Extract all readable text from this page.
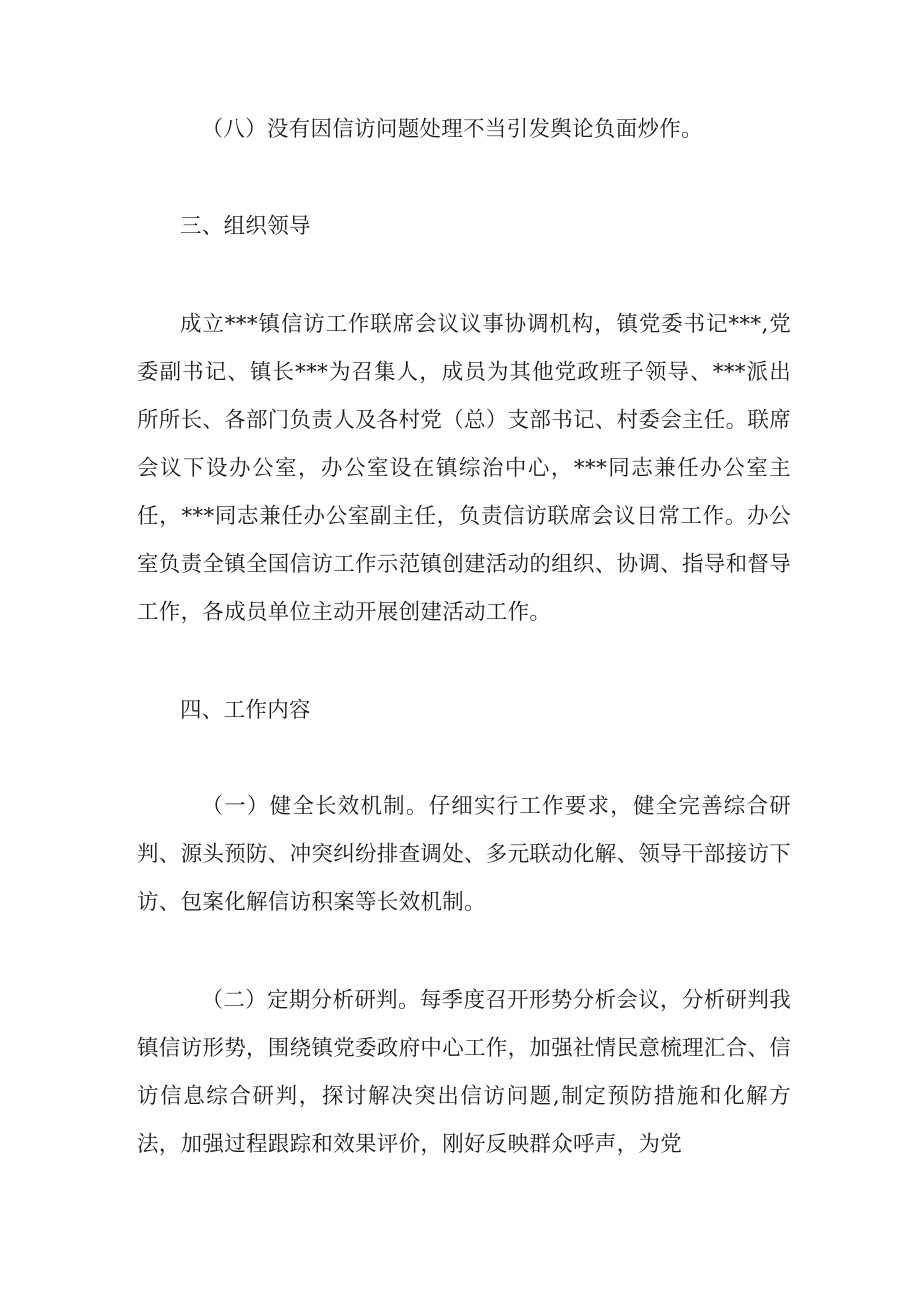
（八）没有因信访问题处理不当引发舆论负面炒作。

三、组织领导

成立***镇信访工作联席会议议事协调机构，镇党委书记***,党委副书记、镇长***为召集人，成员为其他党政班子领导、***派出所所长、各部门负责人及各村党（总）支部书记、村委会主任。联席会议下设办公室，办公室设在镇综治中心，***同志兼任办公室主任，***同志兼任办公室副主任，负责信访联席会议日常工作。办公室负责全镇全国信访工作示范镇创建活动的组织、协调、指导和督导工作，各成员单位主动开展创建活动工作。

四、工作内容

（一）健全长效机制。仔细实行工作要求，健全完善综合研判、源头预防、冲突纠纷排查调处、多元联动化解、领导干部接访下访、包案化解信访积案等长效机制。

（二）定期分析研判。每季度召开形势分析会议，分析研判我镇信访形势，围绕镇党委政府中心工作，加强社情民意梳理汇合、信访信息综合研判，探讨解决突出信访问题,制定预防措施和化解方法，加强过程跟踪和效果评价，刚好反映群众呼声，为党
